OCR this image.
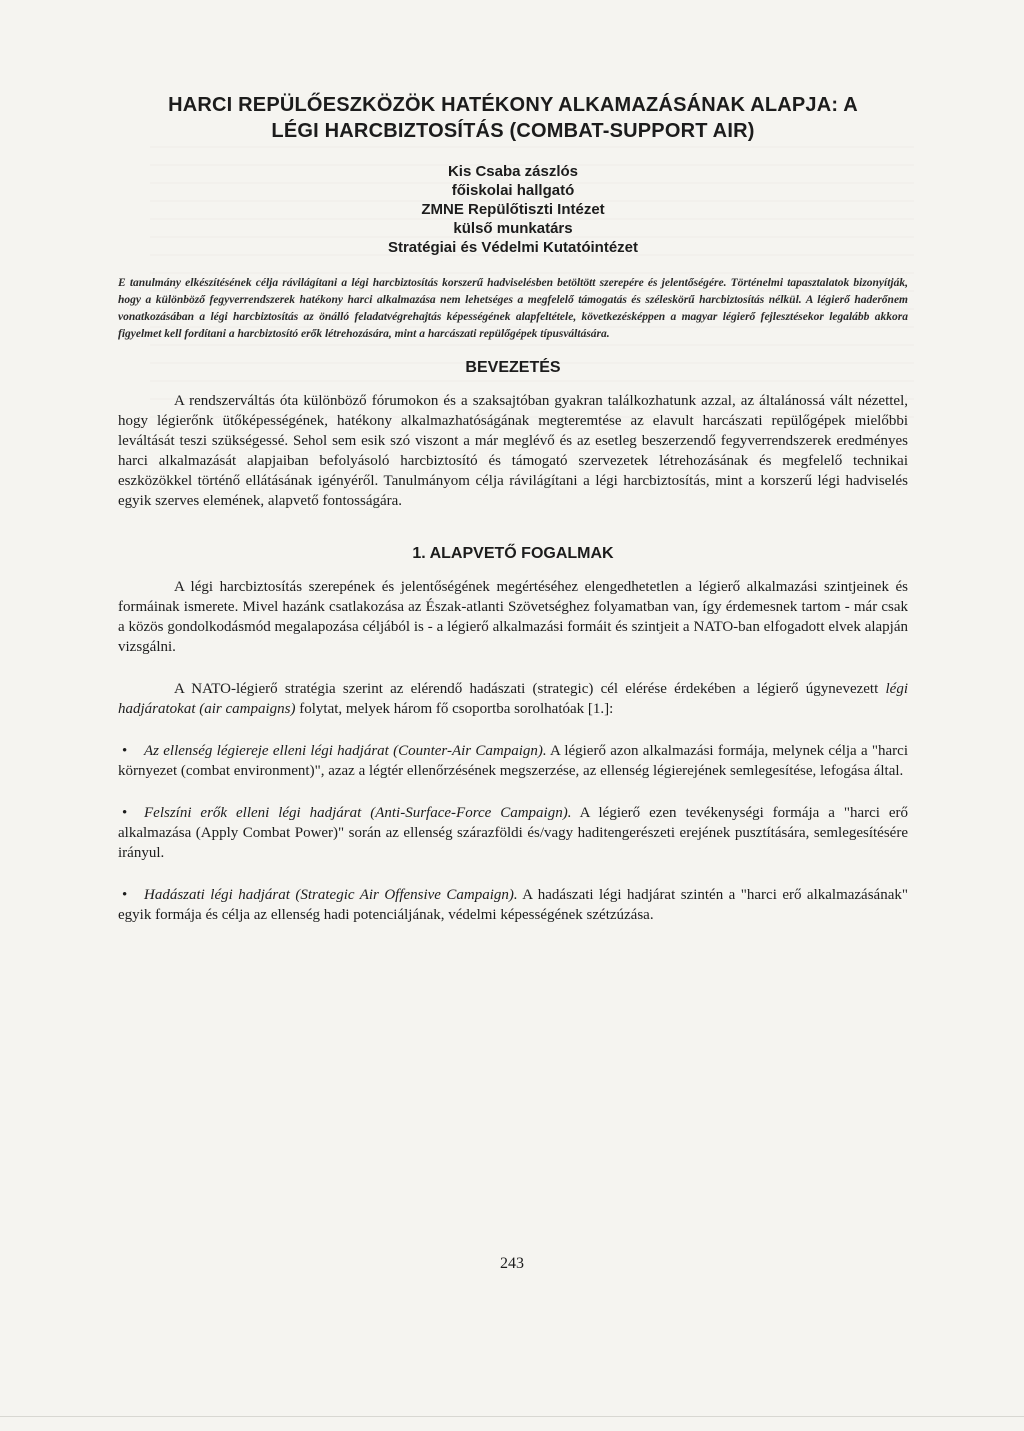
HARCI REPÜLŐESZKÖZÖK HATÉKONY ALKAMAZÁSÁNAK ALAPJA: A
LÉGI HARCBIZTOSÍTÁS (COMBAT-SUPPORT AIR)
Kis Csaba zászlós
főiskolai hallgató
ZMNE Repülőtiszti Intézet
külső munkatárs
Stratégiai és Védelmi Kutatóintézet

E tanulmány elkészítésének célja rávilágítani a légi harcbiztosítás korszerű hadviselésben betöltött szerepére és jelentőségére. Történelmi tapasztalatok bizonyítják, hogy a különböző fegyverrendszerek hatékony harci alkalmazása nem lehetséges a megfelelő támogatás és széleskörű harcbiztosítás nélkül. A légierő haderőnem vonatkozásában a légi harcbiztosítás az önálló feladatvégrehajtás képességének alapfeltétele, következésképpen a magyar légierő fejlesztésekor legalább akkora figyelmet kell fordítani a harcbiztosító erők létrehozására, mint a harcászati repülőgépek típusváltására.

BEVEZETÉS

A rendszerváltás óta különböző fórumokon és a szaksajtóban gyakran találkozhatunk azzal, az általánossá vált nézettel, hogy légierőnk ütőképességének, hatékony alkalmazhatóságának megteremtése az elavult harcászati repülőgépek mielőbbi leváltását teszi szükségessé. Sehol sem esik szó viszont a már meglévő és az esetleg beszerzendő fegyverrendszerek eredményes harci alkalmazását alapjaiban befolyásoló harcbiztosító és támogató szervezetek létrehozásának és megfelelő technikai eszközökkel történő ellátásának igényéről. Tanulmányom célja rávilágítani a légi harcbiztosítás, mint a korszerű légi hadviselés egyik szerves elemének, alapvető fontosságára.

1. ALAPVETŐ FOGALMAK

A légi harcbiztosítás szerepének és jelentőségének megértéséhez elengedhetetlen a légierő alkalmazási szintjeinek és formáinak ismerete. Mivel hazánk csatlakozása az Észak-atlanti Szövetséghez folyamatban van, így érdemesnek tartom - már csak a közös gondolkodásmód megalapozása céljából is - a légierő alkalmazási formáit és szintjeit a NATO-ban elfogadott elvek alapján vizsgálni.

A NATO-légierő stratégia szerint az elérendő hadászati (strategic) cél elérése érdekében a légierő úgynevezett légi hadjáratokat (air campaigns) folytat, melyek három fő csoportba sorolhatóak [1.]:

• Az ellenség légiereje elleni légi hadjárat (Counter-Air Campaign). A légierő azon alkalmazási formája, melynek célja a "harci környezet (combat environment)", azaz a légtér ellenőrzésének megszerzése, az ellenség légierejének semlegesítése, lefogása által.
• Felszíni erők elleni légi hadjárat (Anti-Surface-Force Campaign). A légierő ezen tevékenységi formája a "harci erő alkalmazása (Apply Combat Power)" során az ellenség szárazföldi és/vagy haditengerészeti erejének pusztítására, semlegesítésére irányul.
• Hadászati légi hadjárat (Strategic Air Offensive Campaign). A hadászati légi hadjárat szintén a "harci erő alkalmazásának" egyik formája és célja az ellenség hadi potenciáljának, védelmi képességének szétzúzása.
243
